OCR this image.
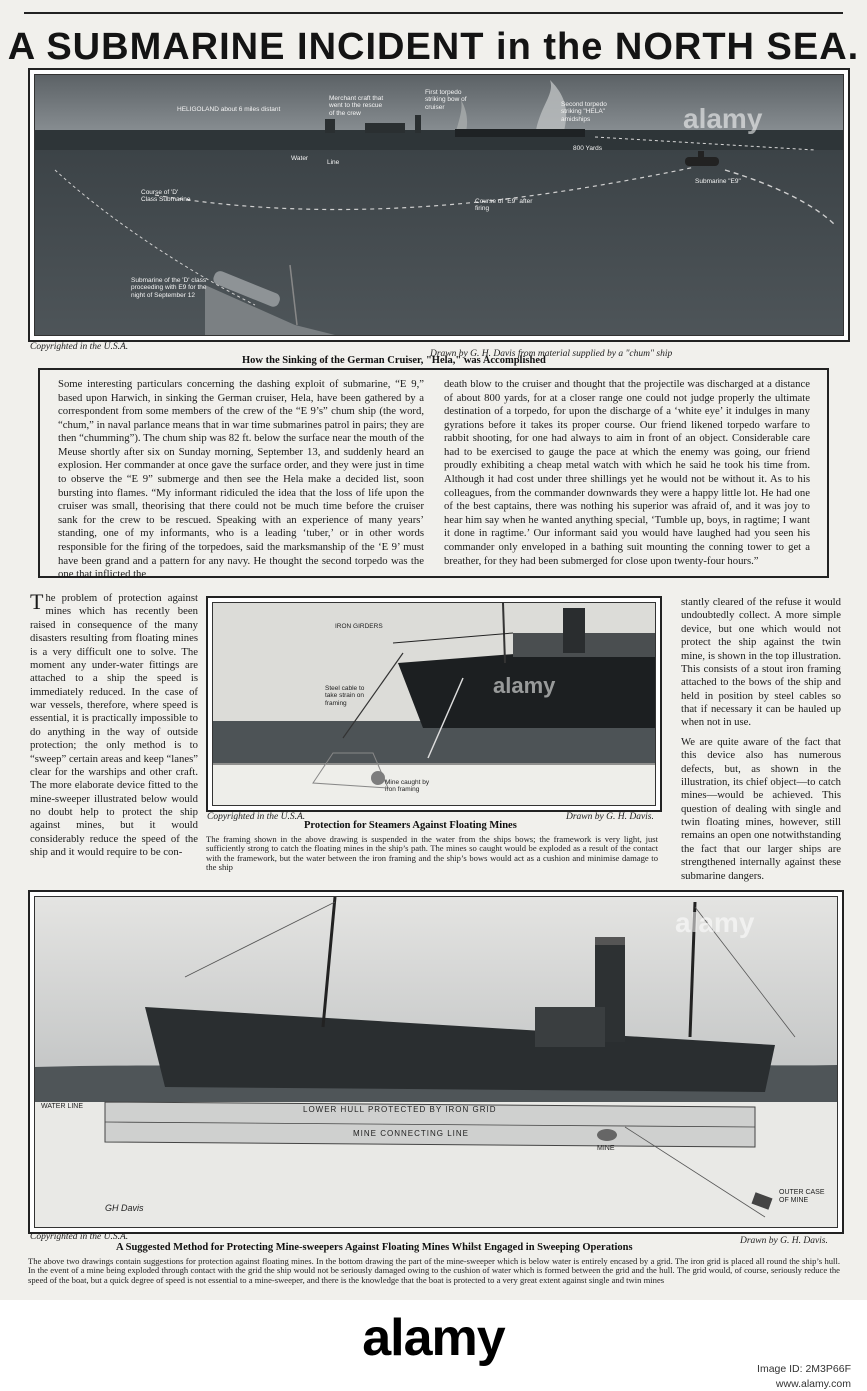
A SUBMARINE INCIDENT in the NORTH SEA.
HELIGOLAND about 6 miles distant
Merchant craft that went to the rescue of the crew
First torpedo striking bow of cruiser	Second torpedo striking "HELA" amidships
800 Yards
Water
Line
Submarine "E9"
Course of 'D' Class Submarine	Course of "E9" after firing
Submarine of the 'D' class proceeding with E9 for the night of September 12
alamy
Copyrighted in the U.S.A.
Drawn by G. H. Davis from material supplied by a "chum" ship
How the Sinking of the German Cruiser, "Hela," was Accomplished
Some interesting particulars concerning the dashing exploit of submarine, “E 9,” based upon Harwich, in sinking the German cruiser, Hela, have been gathered by a correspondent from some members of the crew of the “E 9’s” chum ship (the word, “chum,” in naval parlance means that in war time submarines patrol in pairs; they are then “chumming”). The chum ship was 82 ft. below the surface near the mouth of the Meuse shortly after six on Sunday morning, September 13, and suddenly heard an explosion. Her commander at once gave the surface order, and they were just in time to observe the “E 9” submerge and then see the Hela make a decided list, soon bursting into flames. “My informant ridiculed the idea that the loss of life upon the cruiser was small, theorising that there could not be much time before the cruiser sank for the crew to be rescued. Speaking with an experience of many years’ standing, one of my informants, who is a leading ‘tuber,’ or in other words responsible for the firing of the torpedoes, said the marksmanship of the ‘E 9’ must have been grand and a pattern for any navy. He thought the second torpedo was the one that inflicted the
death blow to the cruiser and thought that the projectile was discharged at a distance of about 800 yards, for at a closer range one could not judge properly the ultimate destination of a torpedo, for upon the discharge of a ‘white eye’ it indulges in many gyrations before it takes its proper course. Our friend likened torpedo warfare to rabbit shooting, for one had always to aim in front of an object. Considerable care had to be exercised to gauge the pace at which the enemy was going, our friend proudly exhibiting a cheap metal watch with which he said he took his time from. Although it had cost under three shillings yet he would not be without it. As to his colleagues, from the commander downwards they were a happy little lot. He had one of the best captains, there was nothing his superior was afraid of, and it was joy to hear him say when he wanted anything special, ‘Tumble up, boys, in ragtime; I want it done in ragtime.’ Our informant said you would have laughed had you seen his commander only enveloped in a bathing suit mounting the conning tower to get a breather, for they had been submerged for close upon twenty-four hours.”
The problem of protection against mines which has recently been raised in consequence of the many disasters resulting from floating mines is a very difficult one to solve. The moment any under-water fittings are attached to a ship the speed is immediately reduced. In the case of war vessels, therefore, where speed is essential, it is practically impossible to do anything in the way of outside protection; the only method is to “sweep” certain areas and keep “lanes” clear for the warships and other craft. The more elaborate device fitted to the mine-sweeper illustrated below would no doubt help to protect the ship against mines, but it would considerably reduce the speed of the ship and it would require to be con-
IRON GIRDERS
Steel cable to take strain on framing
Mine caught by iron framing
alamy
Copyrighted in the U.S.A.	Drawn by G. H. Davis.
Protection for Steamers Against Floating Mines
The framing shown in the above drawing is suspended in the water from the ships bows; the framework is very light, just sufficiently strong to catch the floating mines in the ship’s path. The mines so caught would be exploded as a result of the contact with the framework, but the water between the iron framing and the ship’s bows would act as a cushion and minimise damage to the ship

stantly cleared of the refuse it would undoubtedly collect. A more simple device, but one which would not protect the ship against the twin mine, is shown in the top illustration. This consists of a stout iron framing attached to the bows of the ship and held in position by steel cables so that if necessary it can be hauled up when not in use.

We are quite aware of the fact that this device also has numerous defects, but, as shown in the illustration, its chief object—to catch mines—would be achieved. This question of dealing with single and twin floating mines, however, still remains an open one notwithstanding the fact that our larger ships are strengthened internally against these submarine dangers.

WATER LINE	LOWER HULL PROTECTED BY IRON GRID
MINE CONNECTING LINE
MINE
OUTER CASE OF MINE
GH Davis
alamy
Copyrighted in the U.S.A.	Drawn by G. H. Davis.
A Suggested Method for Protecting Mine-sweepers Against Floating Mines Whilst Engaged in Sweeping Operations
The above two drawings contain suggestions for protection against floating mines. In the bottom drawing the part of the mine-sweeper which is below water is entirely encased by a grid. The iron grid is placed all round the ship’s hull. In the event of a mine being exploded through contact with the grid the ship would not be seriously damaged owing to the cushion of water which is formed between the grid and the hull. The grid would, of course, seriously reduce the speed of the boat, but a quick degree of speed is not essential to a mine-sweeper, and there is the knowledge that the boat is protected to a very great extent against single and twin mines
alamy
Image ID: 2M3P66F
www.alamy.com
